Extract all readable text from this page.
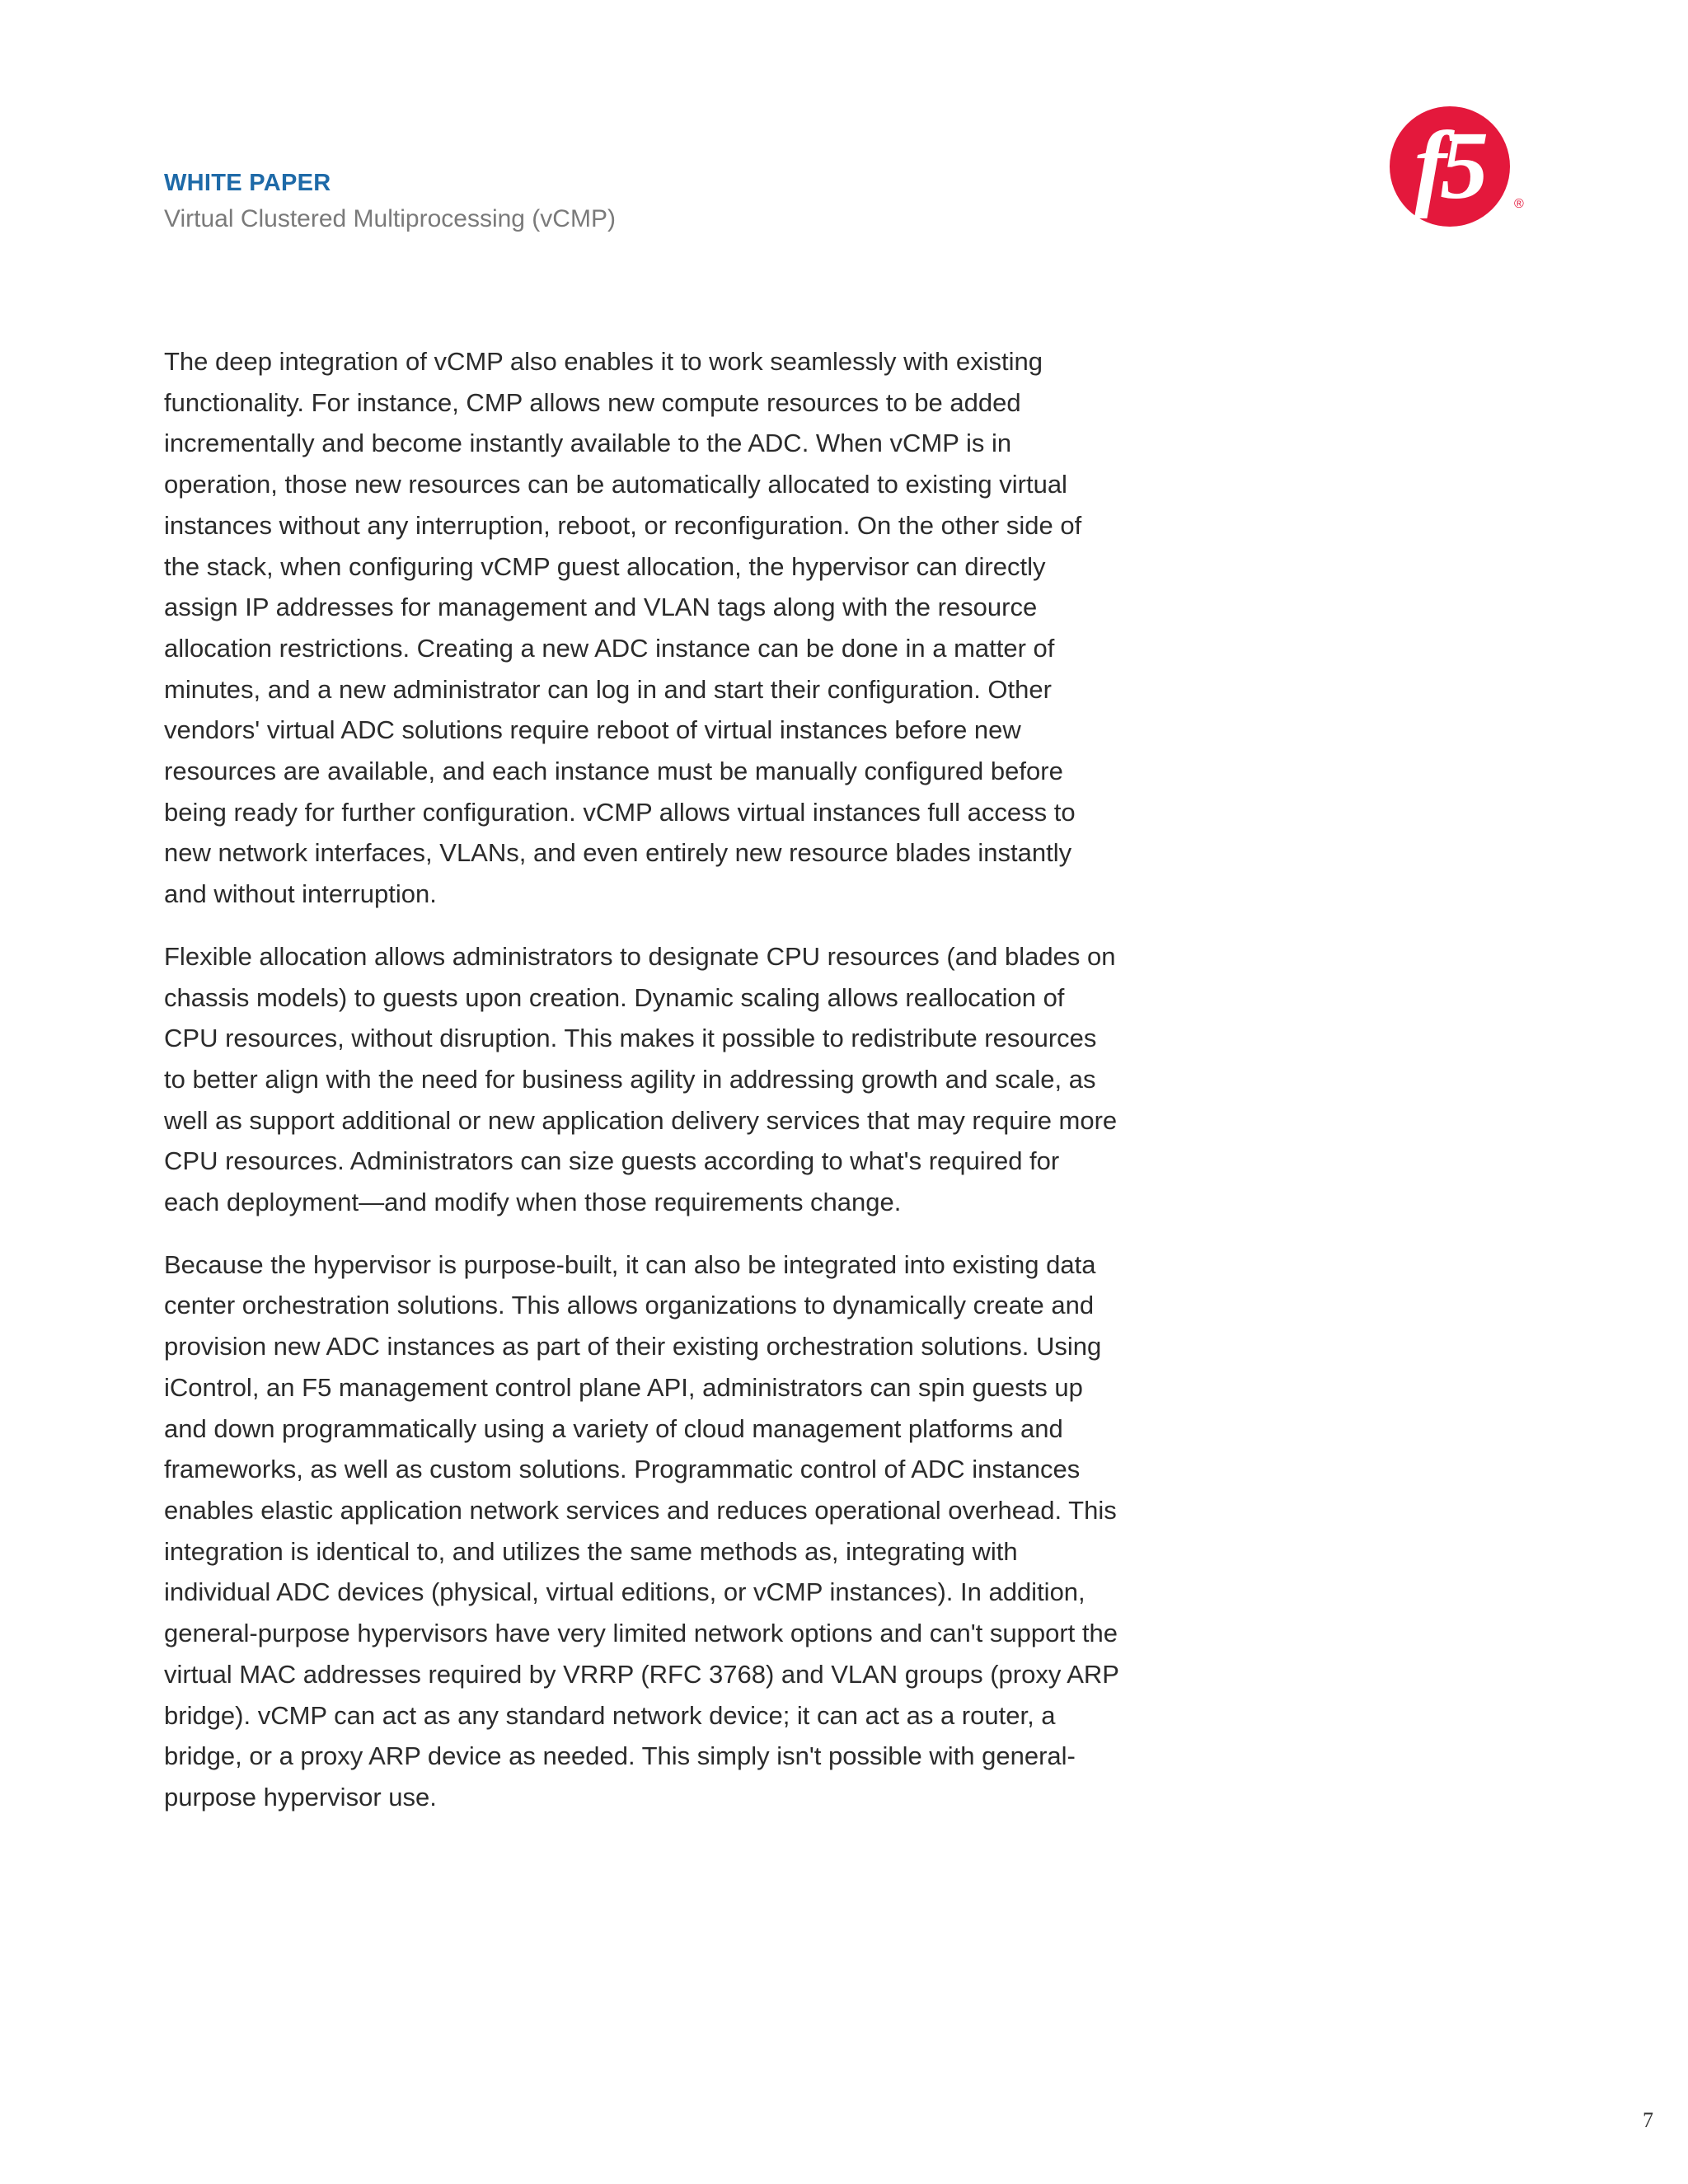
WHITE PAPER
Virtual Clustered Multiprocessing (vCMP)	f5	®

The deep integration of vCMP also enables it to work seamlessly with existing functionality. For instance, CMP allows new compute resources to be added incrementally and become instantly available to the ADC. When vCMP is in operation, those new resources can be automatically allocated to existing virtual instances without any interruption, reboot, or reconfiguration. On the other side of the stack, when configuring vCMP guest allocation, the hypervisor can directly assign IP addresses for management and VLAN tags along with the resource allocation restrictions. Creating a new ADC instance can be done in a matter of minutes, and a new administrator can log in and start their configuration. Other vendors' virtual ADC solutions require reboot of virtual instances before new resources are available, and each instance must be manually configured before being ready for further configuration. vCMP allows virtual instances full access to new network interfaces, VLANs, and even entirely new resource blades instantly and without interruption.

Flexible allocation allows administrators to designate CPU resources (and blades on chassis models) to guests upon creation. Dynamic scaling allows reallocation of CPU resources, without disruption. This makes it possible to redistribute resources to better align with the need for business agility in addressing growth and scale, as well as support additional or new application delivery services that may require more CPU resources. Administrators can size guests according to what's required for each deployment—and modify when those requirements change.

Because the hypervisor is purpose-built, it can also be integrated into existing data center orchestration solutions. This allows organizations to dynamically create and provision new ADC instances as part of their existing orchestration solutions. Using iControl, an F5 management control plane API, administrators can spin guests up and down programmatically using a variety of cloud management platforms and frameworks, as well as custom solutions. Programmatic control of ADC instances enables elastic application network services and reduces operational overhead. This integration is identical to, and utilizes the same methods as, integrating with individual ADC devices (physical, virtual editions, or vCMP instances). In addition, general-purpose hypervisors have very limited network options and can't support the virtual MAC addresses required by VRRP (RFC 3768) and VLAN groups (proxy ARP bridge). vCMP can act as any standard network device; it can act as a router, a bridge, or a proxy ARP device as needed. This simply isn't possible with general-purpose hypervisor use.

7
